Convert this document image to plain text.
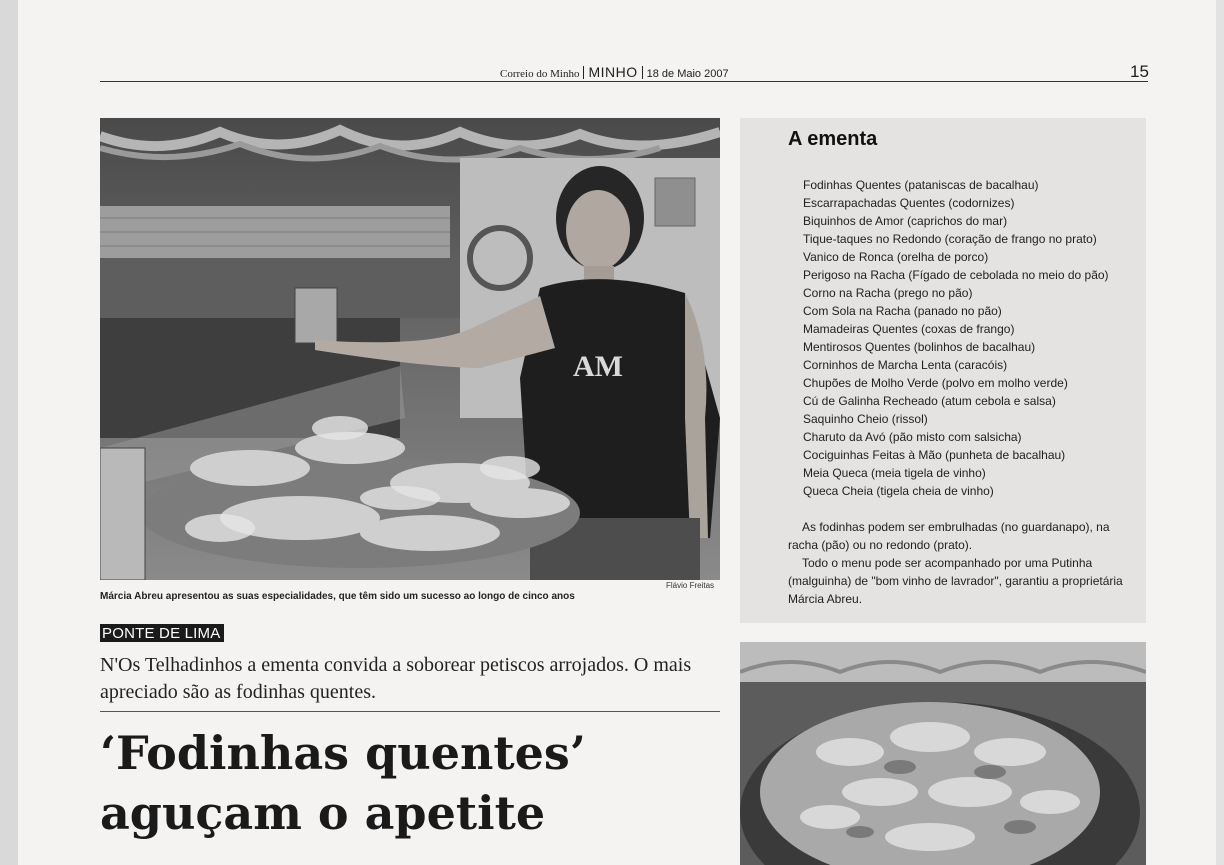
Correio do Minho MINHO 18 de Maio 2007	15
AM
Flávio Freitas
Márcia Abreu apresentou as suas especialidades, que têm sido um sucesso ao longo de cinco anos
PONTE DE LIMA
N'Os Telhadinhos a ementa convida a soborear petiscos arrojados. O mais apreciado são as fodinhas quentes.
‘Fodinhas quentes’
aguçam o apetite
A ementa
Fodinhas Quentes (pataniscas de bacalhau)
Escarrapachadas Quentes (codornizes)
Biquinhos de Amor (caprichos do mar)
Tique-taques no Redondo (coração de frango no prato)
Vanico de Ronca (orelha de porco)
Perigoso na Racha (Fígado de cebolada no meio do pão)
Corno na Racha (prego no pão)
Com Sola na Racha (panado no pão)
Mamadeiras Quentes (coxas de frango)
Mentirosos Quentes (bolinhos de bacalhau)
Corninhos de Marcha Lenta (caracóis)
Chupões de Molho Verde (polvo em molho verde)
Cú de Galinha Recheado (atum cebola e salsa)
Saquinho Cheio (rissol)
Charuto da Avó (pão misto com salsicha)
Cociguinhas Feitas à Mão (punheta de bacalhau)
Meia Queca (meia tigela de vinho)
Queca Cheia (tigela cheia de vinho)

As fodinhas podem ser embrulhadas (no guardanapo), na racha (pão) ou no redondo (prato).

Todo o menu pode ser acompanhado por uma Putinha (malguinha) de "bom vinho de lavrador", garantiu a proprietária Márcia Abreu.
